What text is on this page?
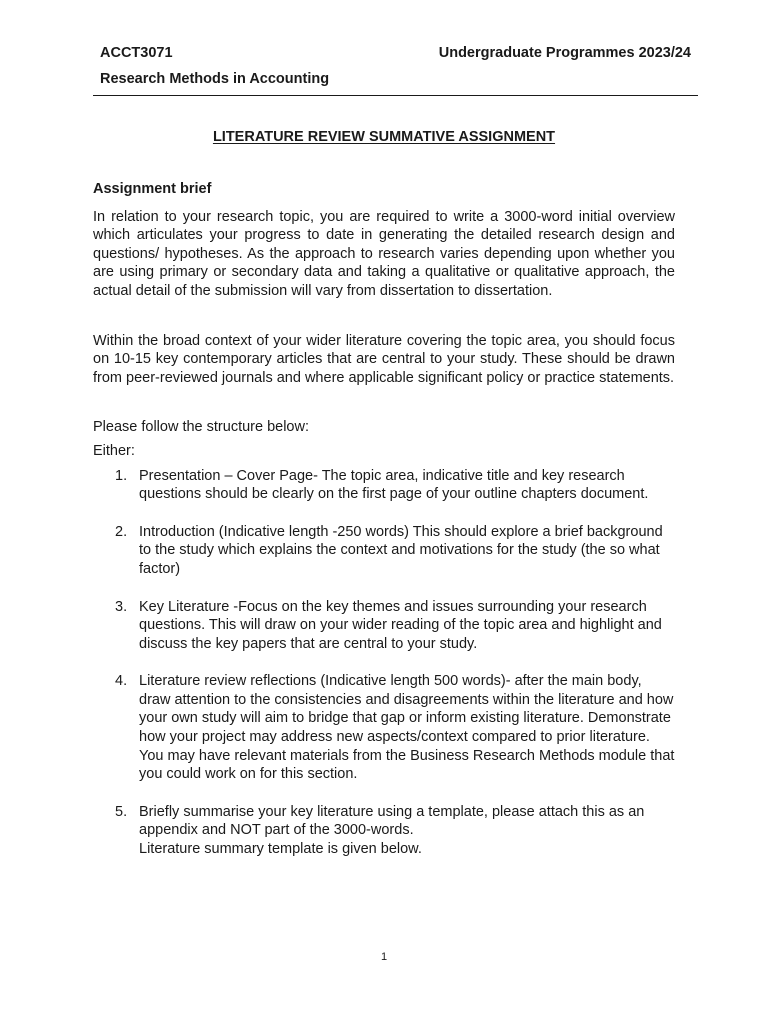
ACCT3071	Undergraduate Programmes 2023/24
Research Methods in Accounting
LITERATURE REVIEW SUMMATIVE ASSIGNMENT
Assignment brief

In relation to your research topic, you are required to write a 3000-word initial overview which articulates your progress to date in generating the detailed research design and questions/ hypotheses. As the approach to research varies depending upon whether you are using primary or secondary data and taking a qualitative or qualitative approach, the actual detail of the submission will vary from dissertation to dissertation.

Within the broad context of your wider literature covering the topic area, you should focus on 10-15 key contemporary articles that are central to your study. These should be drawn from peer-reviewed journals and where applicable significant policy or practice statements.

Please follow the structure below:

Either:

1. Presentation – Cover Page- The topic area, indicative title and key research questions should be clearly on the first page of your outline chapters document.
2. Introduction (Indicative length -250 words) This should explore a brief background to the study which explains the context and motivations for the study (the so what factor)
3. Key Literature -Focus on the key themes and issues surrounding your research questions. This will draw on your wider reading of the topic area and highlight and discuss the key papers that are central to your study.
4. Literature review reflections (Indicative length 500 words)- after the main body, draw attention to the consistencies and disagreements within the literature and how your own study will aim to bridge that gap or inform existing literature. Demonstrate how your project may address new aspects/context compared to prior literature. You may have relevant materials from the Business Research Methods module that you could work on for this section.
5. Briefly summarise your key literature using a template, please attach this as an appendix and NOT part of the 3000-words.
Literature summary template is given below.
1
